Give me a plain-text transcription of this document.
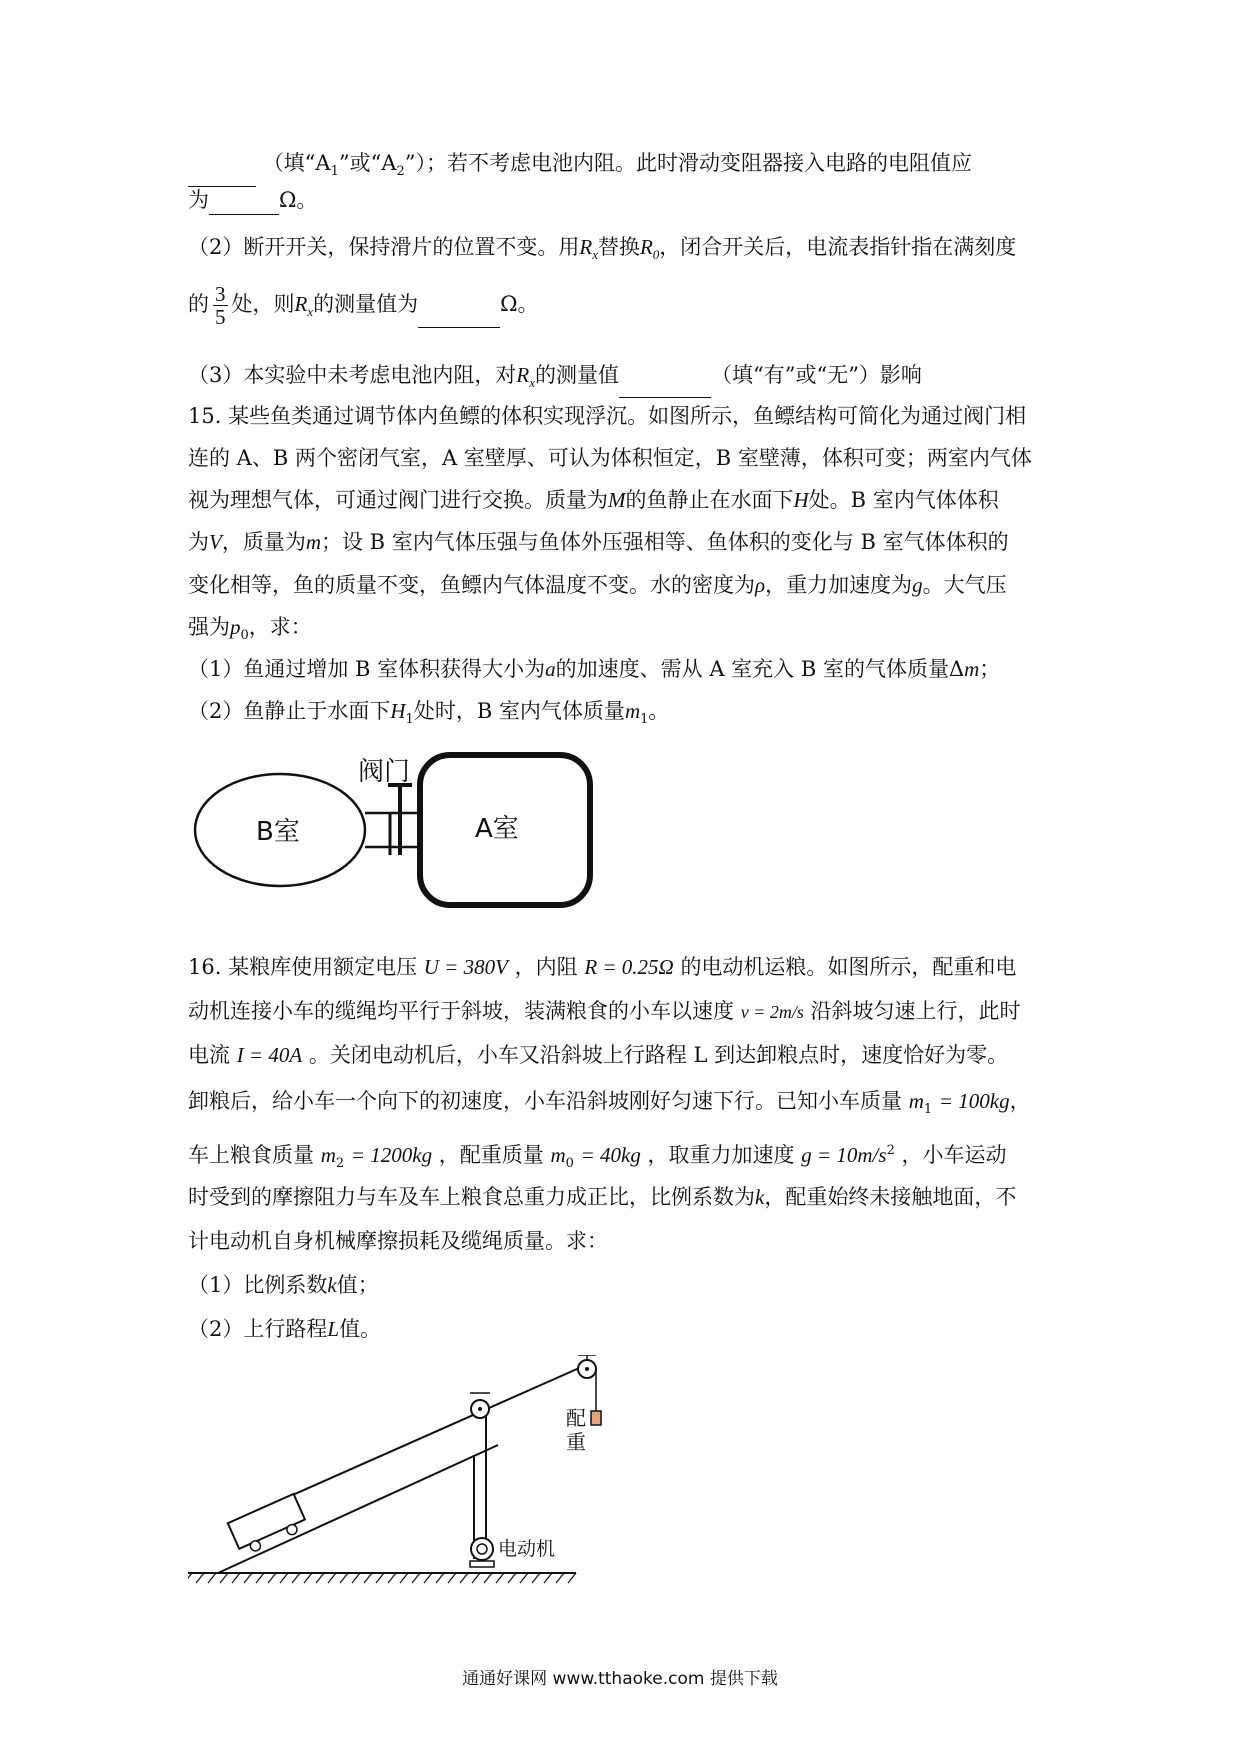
（填“$A_1$”或“$A_2$”）；若不考虑电池内阻。此时滑动变阻器接入电路的电阻值应
为	Ω。
（2）断开开关，保持滑片的位置不变。用$R_x$替换$R_0$，闭合开关后，电流表指针指在满刻度
的 $\frac{3}{5}$ 处，则$R_x$的测量值为	Ω。
（3）本实验中未考虑电池内阻，对$R_x$的测量值	（填“有”或“无”）影响
15. 某些鱼类通过调节体内鱼鳔的体积实现浮沉。如图所示，鱼鳔结构可简化为通过阀门相
连的 A、B 两个密闭气室，A 室壁厚、可认为体积恒定，B 室壁薄，体积可变；两室内气体
视为理想气体，可通过阀门进行交换。质量为M的鱼静止在水面下H处。B 室内气体体积
为V，质量为m；设 B 室内气体压强与鱼体外压强相等、鱼体积的变化与 B 室气体体积的
变化相等，鱼的质量不变，鱼鳔内气体温度不变。水的密度为ρ，重力加速度为g。大气压
强为$p_0$，求：
（1）鱼通过增加 B 室体积获得大小为a的加速度、需从 A 室充入 B 室的气体质量Δm；
（2）鱼静止于水面下$H_1$处时，B 室内气体质量$m_1$。
阀门
B室	A室
16. 某粮库使用额定电压 U = 380V ，内阻 R = 0.25Ω 的电动机运粮。如图所示，配重和电
动机连接小车的缆绳均平行于斜坡，装满粮食的小车以速度 v = 2m/s 沿斜坡匀速上行，此时
电流 I = 40A 。关闭电动机后，小车又沿斜坡上行路程 L 到达卸粮点时，速度恰好为零。
卸粮后，给小车一个向下的初速度，小车沿斜坡刚好匀速下行。已知小车质量 $m_1 = 100kg$，
车上粮食质量 $m_2 = 1200kg$ ，配重质量 $m_0 = 40kg$ ，取重力加速度 $g = 10m/s^2$ ，小车运动
时受到的摩擦阻力与车及车上粮食总重力成正比，比例系数为k，配重始终未接触地面，不
计电动机自身机械摩擦损耗及缆绳质量。求：
（1）比例系数k值；
（2）上行路程L值。
配
重
电动机
通通好课网 www.tthaoke.com 提供下载
